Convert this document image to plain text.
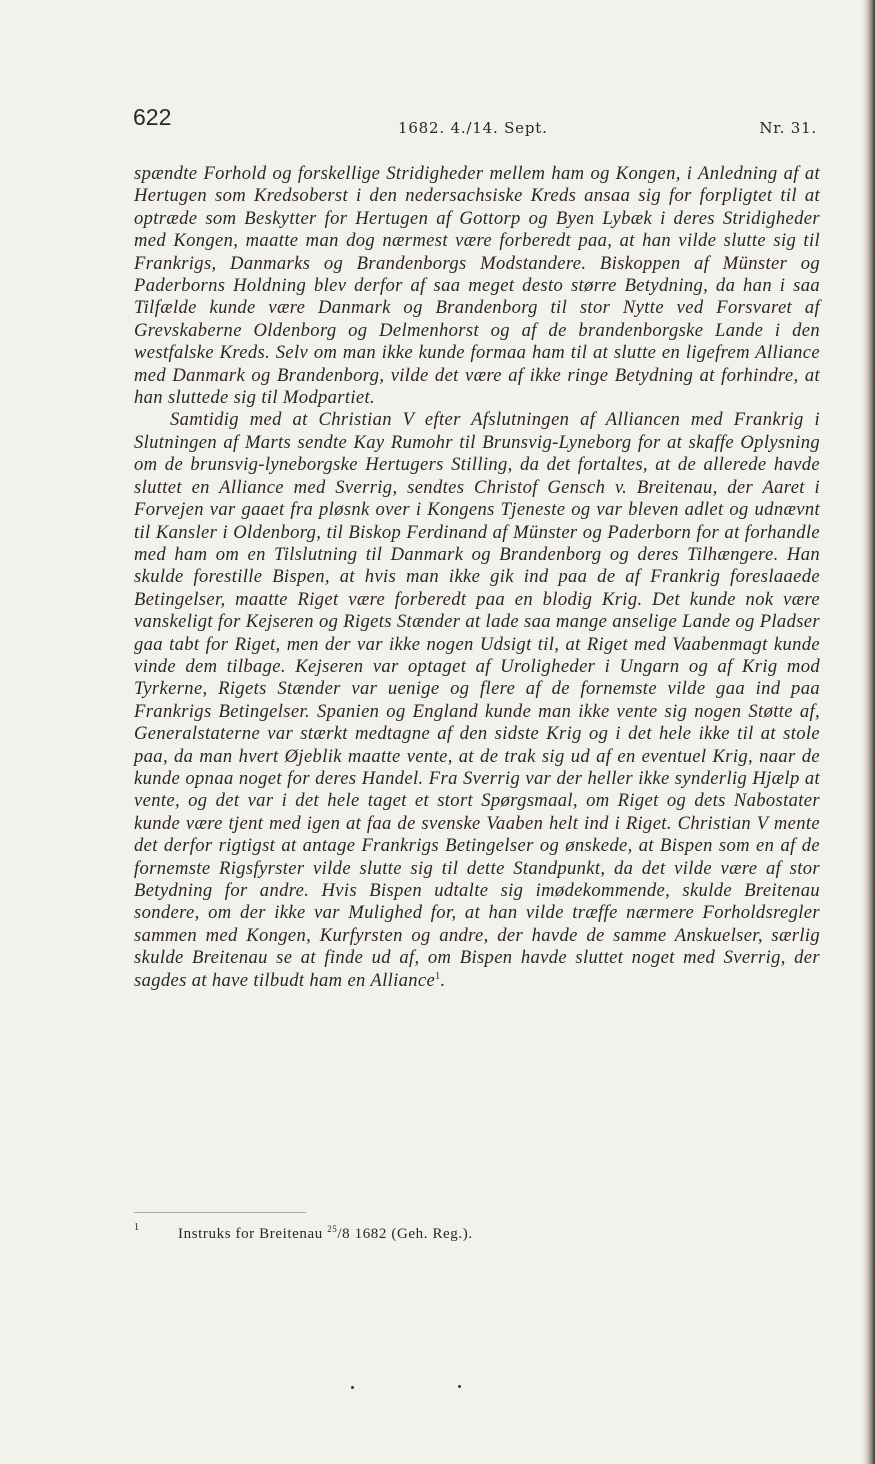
622	1682. 4./14. Sept.	Nr. 31.

spændte Forhold og forskellige Stridigheder mellem ham og Kongen, i Anledning af at Hertugen som Kredsoberst i den nedersachsiske Kreds ansaa sig for forpligtet til at optræde som Beskytter for Hertugen af Gottorp og Byen Lybæk i deres Stridigheder med Kongen, maatte man dog nærmest være forberedt paa, at han vilde slutte sig til Frankrigs, Danmarks og Brandenborgs Modstandere. Biskoppen af Münster og Paderborns Holdning blev derfor af saa meget desto større Betydning, da han i saa Tilfælde kunde være Danmark og Brandenborg til stor Nytte ved Forsvaret af Grevskaberne Oldenborg og Delmenhorst og af de brandenborgske Lande i den westfalske Kreds. Selv om man ikke kunde formaa ham til at slutte en ligefrem Alliance med Danmark og Brandenborg, vilde det være af ikke ringe Betydning at forhindre, at han sluttede sig til Modpartiet.

Samtidig med at Christian V efter Afslutningen af Alliancen med Frankrig i Slutningen af Marts sendte Kay Rumohr til Brunsvig-Lyneborg for at skaffe Oplysning om de brunsvig-lyneborgske Hertugers Stilling, da det fortaltes, at de allerede havde sluttet en Alliance med Sverrig, sendtes Christof Gensch v. Breitenau, der Aaret i Forvejen var gaaet fra pløsnk over i Kongens Tjeneste og var bleven adlet og udnævnt til Kansler i Oldenborg, til Biskop Ferdinand af Münster og Paderborn for at forhandle med ham om en Tilslutning til Danmark og Brandenborg og deres Tilhængere. Han skulde forestille Bispen, at hvis man ikke gik ind paa de af Frankrig foreslaaede Betingelser, maatte Riget være forberedt paa en blodig Krig. Det kunde nok være vanskeligt for Kejseren og Rigets Stænder at lade saa mange anselige Lande og Pladser gaa tabt for Riget, men der var ikke nogen Udsigt til, at Riget med Vaabenmagt kunde vinde dem tilbage. Kejseren var optaget af Uroligheder i Ungarn og af Krig mod Tyrkerne, Rigets Stænder var uenige og flere af de fornemste vilde gaa ind paa Frankrigs Betingelser. Spanien og England kunde man ikke vente sig nogen Støtte af, Generalstaterne var stærkt medtagne af den sidste Krig og i det hele ikke til at stole paa, da man hvert Øjeblik maatte vente, at de trak sig ud af en eventuel Krig, naar de kunde opnaa noget for deres Handel. Fra Sverrig var der heller ikke synderlig Hjælp at vente, og det var i det hele taget et stort Spørgsmaal, om Riget og dets Nabostater kunde være tjent med igen at faa de svenske Vaaben helt ind i Riget. Christian V mente det derfor rigtigst at antage Frankrigs Betingelser og ønskede, at Bispen som en af de fornemste Rigsfyrster vilde slutte sig til dette Standpunkt, da det vilde være af stor Betydning for andre. Hvis Bispen udtalte sig imødekommende, skulde Breitenau sondere, om der ikke var Mulighed for, at han vilde træffe nærmere Forholdsregler sammen med Kongen, Kurfyrsten og andre, der havde de samme Anskuelser, særlig skulde Breitenau se at finde ud af, om Bispen havde sluttet noget med Sverrig, der sagdes at have tilbudt ham en Alliance$^1$.

1	Instruks for Breitenau $^{25}$/8 1682 (Geh. Reg.).
